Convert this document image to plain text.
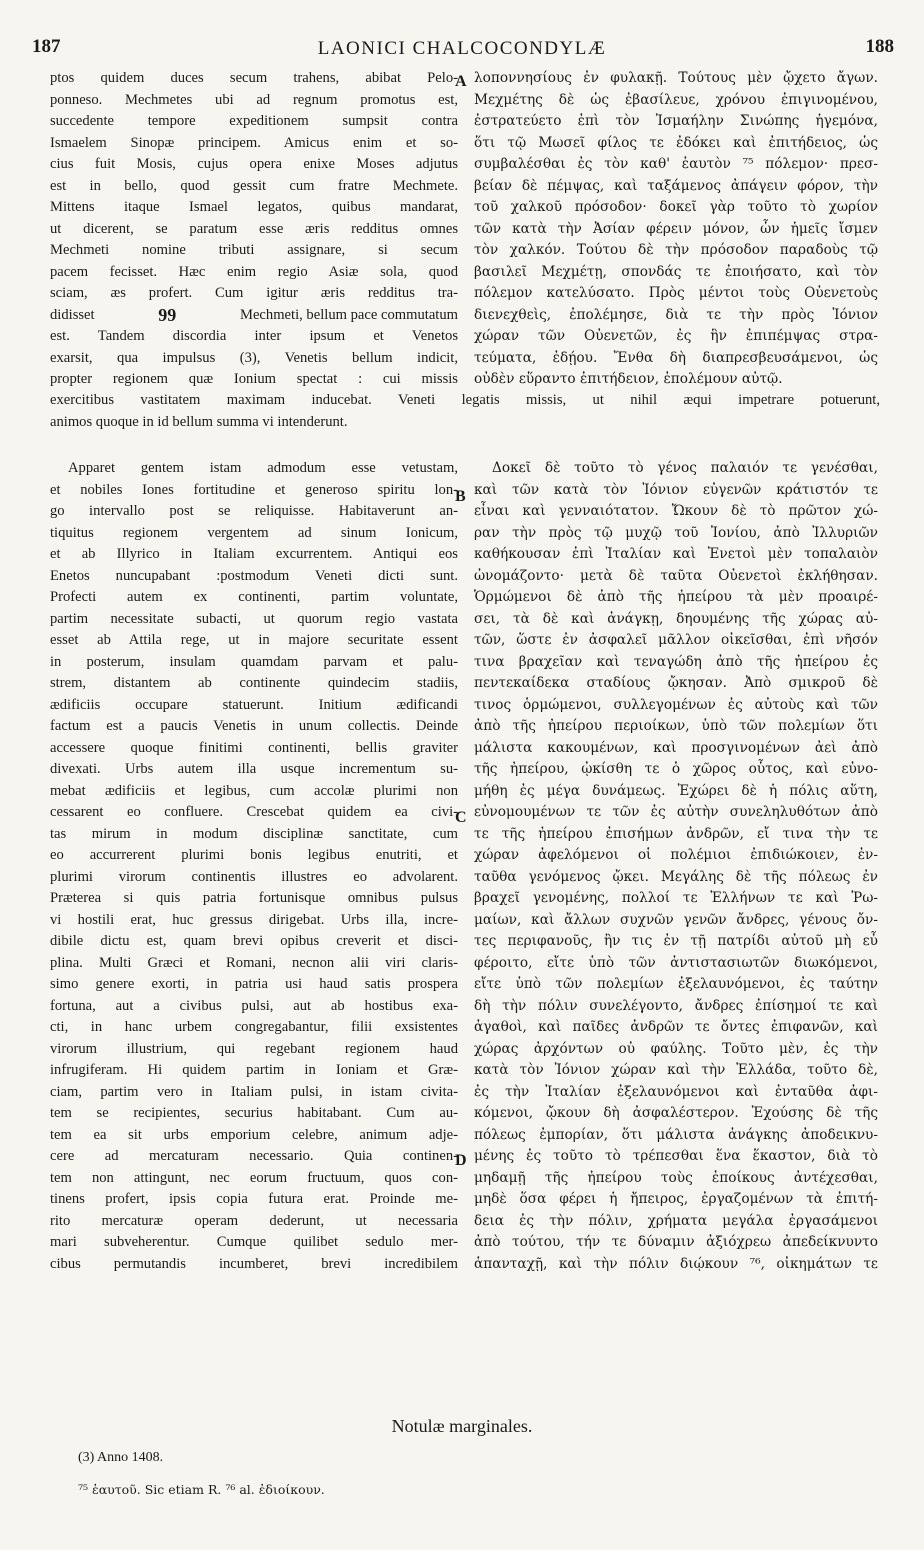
187	LAONICI CHALCOCONDYLÆ	188
A
B
C
D
ptos quidem duces secum trahens, abibat Pelo-
ponneso. Mechmetes ubi ad regnum promotus est,
succedente tempore expeditionem sumpsit contra
Ismaelem Sinopæ principem. Amicus enim et so-
cius fuit Mosis, cujus opera enixe Moses adjutus
est in bello, quod gessit cum fratre Mechmete.
Mittens itaque Ismael legatos, quibus mandarat,
ut dicerent, se paratum esse æris redditus omnes
Mechmeti nomine tributi assignare, si secum
pacem fecisset. Hæc enim regio Asiæ sola, quod
sciam, æs profert. Cum igitur æris redditus tra-
didisset	99	Mechmeti, bellum pace commutatum
est. Tandem discordia inter ipsum et Venetos
exarsit, qua impulsus (3), Venetis bellum indicit,
propter regionem quæ Ionium spectat : cui missis
λοποννησίους ἐν φυλακῇ. Τούτους μὲν ᾤχετο ἄγων.
Μεχμέτης δὲ ὡς ἐβασίλευε, χρόνου ἐπιγινομένου,
ἐστρατεύετο ἐπὶ τὸν Ἰσμαήλην Σινώπης ἡγεμόνα,
ὅτι τῷ Μωσεῖ φίλος τε ἐδόκει καὶ ἐπιτήδειος, ὡς
συμβαλέσθαι ἐς τὸν καθ' ἑαυτὸν ⁷⁵ πόλεμον· πρεσ-
βείαν δὲ πέμψας, καὶ ταξάμενος ἀπάγειν φόρον, τὴν
τοῦ χαλκοῦ πρόσοδον· δοκεῖ γὰρ τοῦτο τὸ χωρίον
τῶν κατὰ τὴν Ἀσίαν φέρειν μόνον, ὧν ἡμεῖς ἴσμεν
τὸν χαλκόν. Τούτου δὲ τὴν πρόσοδον παραδοὺς τῷ
βασιλεῖ Μεχμέτῃ, σπονδάς τε ἐποιήσατο, καὶ τὸν
πόλεμον κατελύσατο. Πρὸς μέντοι τοὺς Οὐενετοὺς
διενεχθεὶς, ἐπολέμησε, διὰ τε τὴν πρὸς Ἰόνιον
χώραν τῶν Οὐενετῶν, ἐς ἣν ἐπιπέμψας στρα-
τεύματα, ἐδῄου. Ἔνθα δὴ διαπρεσβευσάμενοι, ὡς
οὐδὲν εὕραντο ἐπιτήδειον, ἐπολέμουν αὐτῷ.
exercitibus vastitatem maximam inducebat. Veneti legatis missis, ut nihil æqui impetrare potuerunt,
animos quoque in id bellum summa vi intenderunt.
Apparet gentem istam admodum esse vetustam,
et nobiles Iones fortitudine et generoso spiritu lon-
go intervallo post se reliquisse. Habitaverunt an-
tiquitus regionem vergentem ad sinum Ionicum,
et ab Illyrico in Italiam excurrentem. Antiqui eos
Enetos nuncupabant :postmodum Veneti dicti sunt.
Profecti autem ex continenti, partim voluntate,
partim necessitate subacti, ut quorum regio vastata
esset ab Attila rege, ut in majore securitate essent
in posterum, insulam quamdam parvam et palu-
strem, distantem ab continente quindecim stadiis,
ædificiis occupare statuerunt. Initium ædificandi
factum est a paucis Venetis in unum collectis. Deinde
accessere quoque finitimi continenti, bellis graviter
divexati. Urbs autem illa usque incrementum su-
mebat ædificiis et legibus, cum accolæ plurimi non
cessarent eo confluere. Crescebat quidem ea civi-
tas mirum in modum disciplinæ sanctitate, cum
eo accurrerent plurimi bonis legibus enutriti, et
plurimi virorum continentis illustres eo advolarent.
Præterea si quis patria fortunisque omnibus pulsus
vi hostili erat, huc gressus dirigebat. Urbs illa, incre-
dibile dictu est, quam brevi opibus creverit et disci-
plina. Multi Græci et Romani, necnon alii viri claris-
simo genere exorti, in patria usi haud satis prospera
fortuna, aut a civibus pulsi, aut ab hostibus exa-
cti, in hanc urbem congregabantur, filii exsistentes
virorum illustrium, qui regebant regionem haud
infrugiferam. Hi quidem partim in Ioniam et Græ-
ciam, partim vero in Italiam pulsi, in istam civita-
tem se recipientes, securius habitabant. Cum au-
tem ea sit urbs emporium celebre, animum adje-
cere ad mercaturam necessario. Quia continen-
tem non attingunt, nec eorum fructuum, quos con-
tinens profert, ipsis copia futura erat. Proinde me-
rito mercaturæ operam dederunt, ut necessaria
mari subveherentur. Cumque quilibet sedulo mer-
cibus permutandis incumberet, brevi incredibilem
Δοκεῖ δὲ τοῦτο τὸ γένος παλαιόν τε γενέσθαι,
καὶ τῶν κατὰ τὸν Ἰόνιον εὐγενῶν κράτιστόν τε
εἶναι καὶ γενναιότατον. Ὤκουν δὲ τὸ πρῶτον χώ-
ραν τὴν πρὸς τῷ μυχῷ τοῦ Ἰονίου, ἀπὸ Ἰλλυριῶν
καθήκουσαν ἐπὶ Ἰταλίαν καὶ Ἐνετοὶ μὲν τοπαλαιὸν
ὠνομάζοντο· μετὰ δὲ ταῦτα Οὐενετοὶ ἐκλήθησαν.
Ὁρμώμενοι δὲ ἀπὸ τῆς ἠπείρου τὰ μὲν προαιρέ-
σει, τὰ δὲ καὶ ἀνάγκῃ, δηουμένης τῆς χώρας αὐ-
τῶν, ὥστε ἐν ἀσφαλεῖ μᾶλλον οἰκεῖσθαι, ἐπὶ νῆσόν
τινα βραχεῖαν καὶ τεναγώδη ἀπὸ τῆς ἠπείρου ἐς
πεντεκαίδεκα σταδίους ᾤκησαν. Ἀπὸ σμικροῦ δὲ
τινος ὁρμώμενοι, συλλεγομένων ἐς αὐτοὺς καὶ τῶν
ἀπὸ τῆς ἠπείρου περιοίκων, ὑπὸ τῶν πολεμίων ὅτι
μάλιστα κακουμένων, καὶ προσγινομένων ἀεὶ ἀπὸ
τῆς ἠπείρου, ᾠκίσθη τε ὁ χῶρος οὗτος, καὶ εὐνο-
μήθη ἐς μέγα δυνάμεως. Ἐχώρει δὲ ἡ πόλις αὕτη,
εὐνομουμένων τε τῶν ἐς αὐτὴν συνεληλυθότων ἀπὸ
τε τῆς ἠπείρου ἐπισήμων ἀνδρῶν, εἴ τινα τὴν τε
χώραν ἀφελόμενοι οἱ πολέμιοι ἐπιδιώκοιεν, ἐν-
ταῦθα γενόμενος ᾤκει. Μεγάλης δὲ τῆς πόλεως ἐν
βραχεῖ γενομένης, πολλοί τε Ἑλλήνων τε καὶ Ῥω-
μαίων, καὶ ἄλλων συχνῶν γενῶν ἄνδρες, γένους ὄν-
τες περιφανοῦς, ἢν τις ἐν τῇ πατρίδι αὐτοῦ μὴ εὖ
φέροιτο, εἴτε ὑπὸ τῶν ἀντιστασιωτῶν διωκόμενοι,
εἴτε ὑπὸ τῶν πολεμίων ἐξελαυνόμενοι, ἐς ταύτην
δὴ τὴν πόλιν συνελέγοντο, ἄνδρες ἐπίσημοί τε καὶ
ἀγαθοὶ, καὶ παῖδες ἀνδρῶν τε ὄντες ἐπιφανῶν, καὶ
χώρας ἀρχόντων οὐ φαύλης. Τοῦτο μὲν, ἐς τὴν
κατὰ τὸν Ἰόνιον χώραν καὶ τὴν Ἑλλάδα, τοῦτο δὲ,
ἐς τὴν Ἰταλίαν ἐξελαυνόμενοι καὶ ἐνταῦθα ἀφι-
κόμενοι, ᾤκουν δὴ ἀσφαλέστερον. Ἐχούσης δὲ τῆς
πόλεως ἐμπορίαν, ὅτι μάλιστα ἀνάγκης ἀποδεικνυ-
μένης ἐς τοῦτο τὸ τρέπεσθαι ἕνα ἕκαστον, διὰ τὸ
μηδαμῇ τῆς ἠπείρου τοὺς ἐποίκους ἀντέχεσθαι,
μηδὲ ὅσα φέρει ἡ ἤπειρος, ἐργαζομένων τὰ ἐπιτή-
δεια ἐς τὴν πόλιν, χρήματα μεγάλα ἐργασάμενοι
ἀπὸ τούτου, τήν τε δύναμιν ἀξιόχρεω ἀπεδείκνυντο
ἁπανταχῇ, καὶ τὴν πόλιν διῴκουν ⁷⁶, οἰκημάτων τε
Notulæ marginales.
(3) Anno 1408.
⁷⁵ ἑαυτοῦ. Sic etiam R. ⁷⁶ al. ἐδιοίκουν.
